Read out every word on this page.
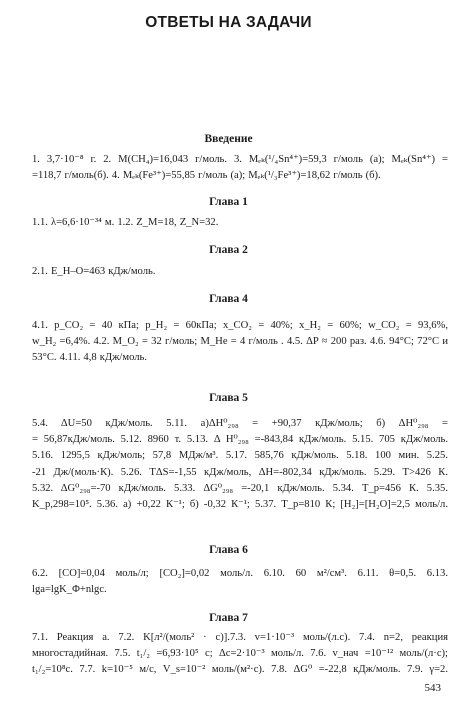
ОТВЕТЫ НА ЗАДАЧИ
Введение
1. 3,7·10⁻⁸ г. 2. M(CH₄)=16,043 г/моль. 3. Mₑₖ(¹/₄Sn⁴⁺)=59,3 г/моль (а); Mₑₖ(Sn⁴⁺) =
=118,7 г/моль(б). 4. Mₑₖ(Fe³⁺)=55,85 г/моль (а); Mₑₖ(¹/₃Fe³⁺)=18,62 г/моль (б).
Глава 1
1.1. λ=6,6·10⁻³⁴ м. 1.2. Z_M=18, Z_N=32.
Глава 2
2.1. E_H–O=463 кДж/моль.
Глава 4
4.1. p_CO₂ = 40 кПа; p_H₂ = 60кПа; x_CO₂ = 40%; x_H₂ = 60%; w_CO₂ = 93,6%,
w_H₂ =6,4%. 4.2. M_O₂ = 32 г/моль; M_He = 4 г/моль . 4.5. ΔP ≈ 200 раз. 4.6. 94°С; 72°С и
53°С. 4.11. 4,8 кДж/моль.
Глава 5
5.4. ΔU=50 кДж/моль. 5.11. а)ΔH⁰₂₉₈ = +90,37 кДж/моль; б) ΔH⁰₂₉₈ =
= 56,87кДж/моль. 5.12. 8960 т. 5.13. Δ H⁰₂₉₈ =-843,84 кДж/моль. 5.15. 705 кДж/моль.
5.16. 1295,5 кДж/моль; 57,8 МДж/м³. 5.17. 585,76 кДж/моль. 5.18. 100 мин. 5.25.
-21 Дж/(моль·К). 5.26. TΔS=-1,55 кДж/моль, ΔH=-802,34 кДж/моль. 5.29. T>426 К.
5.32. ΔG⁰₂₉₈=-70 кДж/моль. 5.33. ΔG⁰₂₉₈ =-20,1 кДж/моль. 5.34. T_p=456 К. 5.35.
K_p,298=10⁵. 5.36. а) +0,22 К⁻¹; б) -0,32 К⁻¹; 5.37. T_p=810 К; [H₂]=[H₂O]=2,5 моль/л.
Глава 6
6.2. [CO]=0,04 моль/л; [CO₂]=0,02 моль/л. 6.10. 60 м²/см³. 6.11. θ=0,5. 6.13.
lga=lgK_Φ+nlgc.
Глава 7
7.1. Реакция а. 7.2. K[л²/(моль² · с)].7.3. v=1·10⁻³ моль/(л.с). 7.4. n=2, реакция
многостадийная. 7.5. t₁/₂ =6,93·10⁵ с; Δc=2·10⁻³ моль/л. 7.6. v_нач =10⁻¹² моль/(л·с);
t₁/₂=10⁸с. 7.7. k=10⁻⁵ м/с, V_s=10⁻² моль/(м²·с). 7.8. ΔG⁰ =-22,8 кДж/моль. 7.9. γ=2.
543
